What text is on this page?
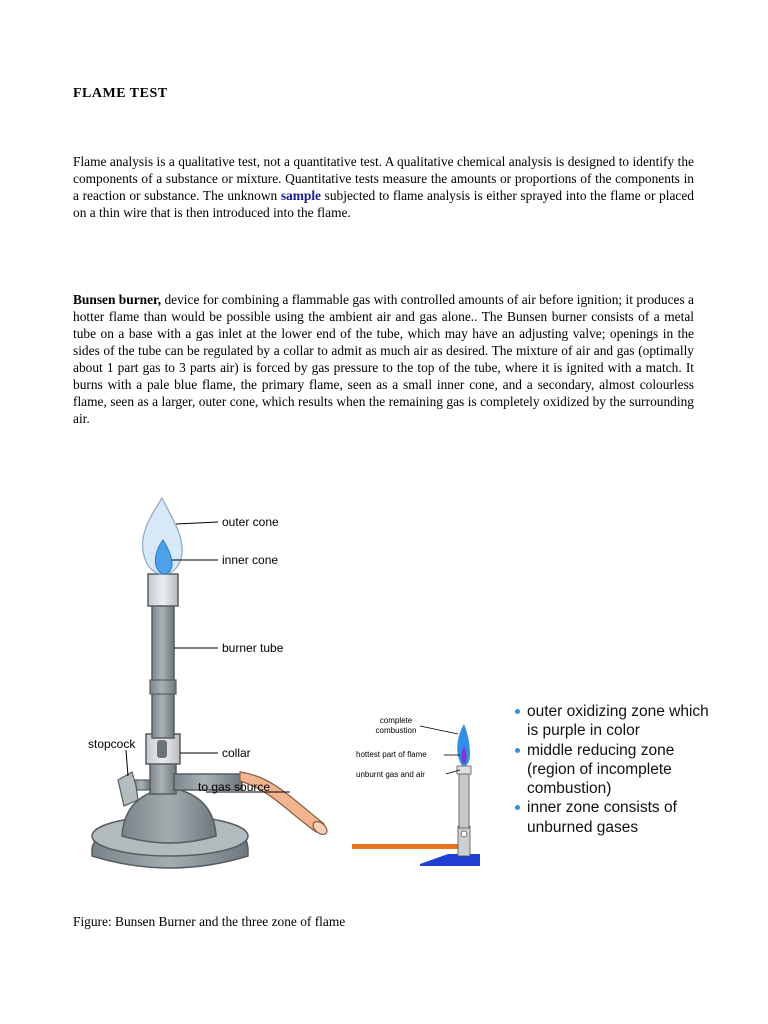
FLAME TEST

Flame analysis is a qualitative test, not a quantitative test. A qualitative chemical analysis is designed to identify the components of a substance or mixture. Quantitative tests measure the amounts or proportions of the components in a reaction or substance. The unknown sample subjected to flame analysis is either sprayed into the flame or placed on a thin wire that is then introduced into the flame.

Bunsen burner, device for combining a flammable gas with controlled amounts of air before ignition; it produces a hotter flame than would be possible using the ambient air and gas alone.. The Bunsen burner consists of a metal tube on a base with a gas inlet at the lower end of the tube, which may have an adjusting valve; openings in the sides of the tube can be regulated by a collar to admit as much air as desired. The mixture of air and gas (optimally about 1 part gas to 3 parts air) is forced by gas pressure to the top of the tube, where it is ignited with a match. It burns with a pale blue flame, the primary flame, seen as a small inner cone, and a secondary, almost colourless flame, seen as a larger, outer cone, which results when the remaining gas is completely oxidized by the surrounding air.

outer cone
inner cone
burner tube
stopcock
collar
to gas source
complete
combustion
hottest part of flame
unburnt gas and air
outer oxidizing zone which is purple in color
middle reducing zone (region of incomplete combustion)
inner zone consists of unburned gases

Figure: Bunsen Burner and the three zone of flame
